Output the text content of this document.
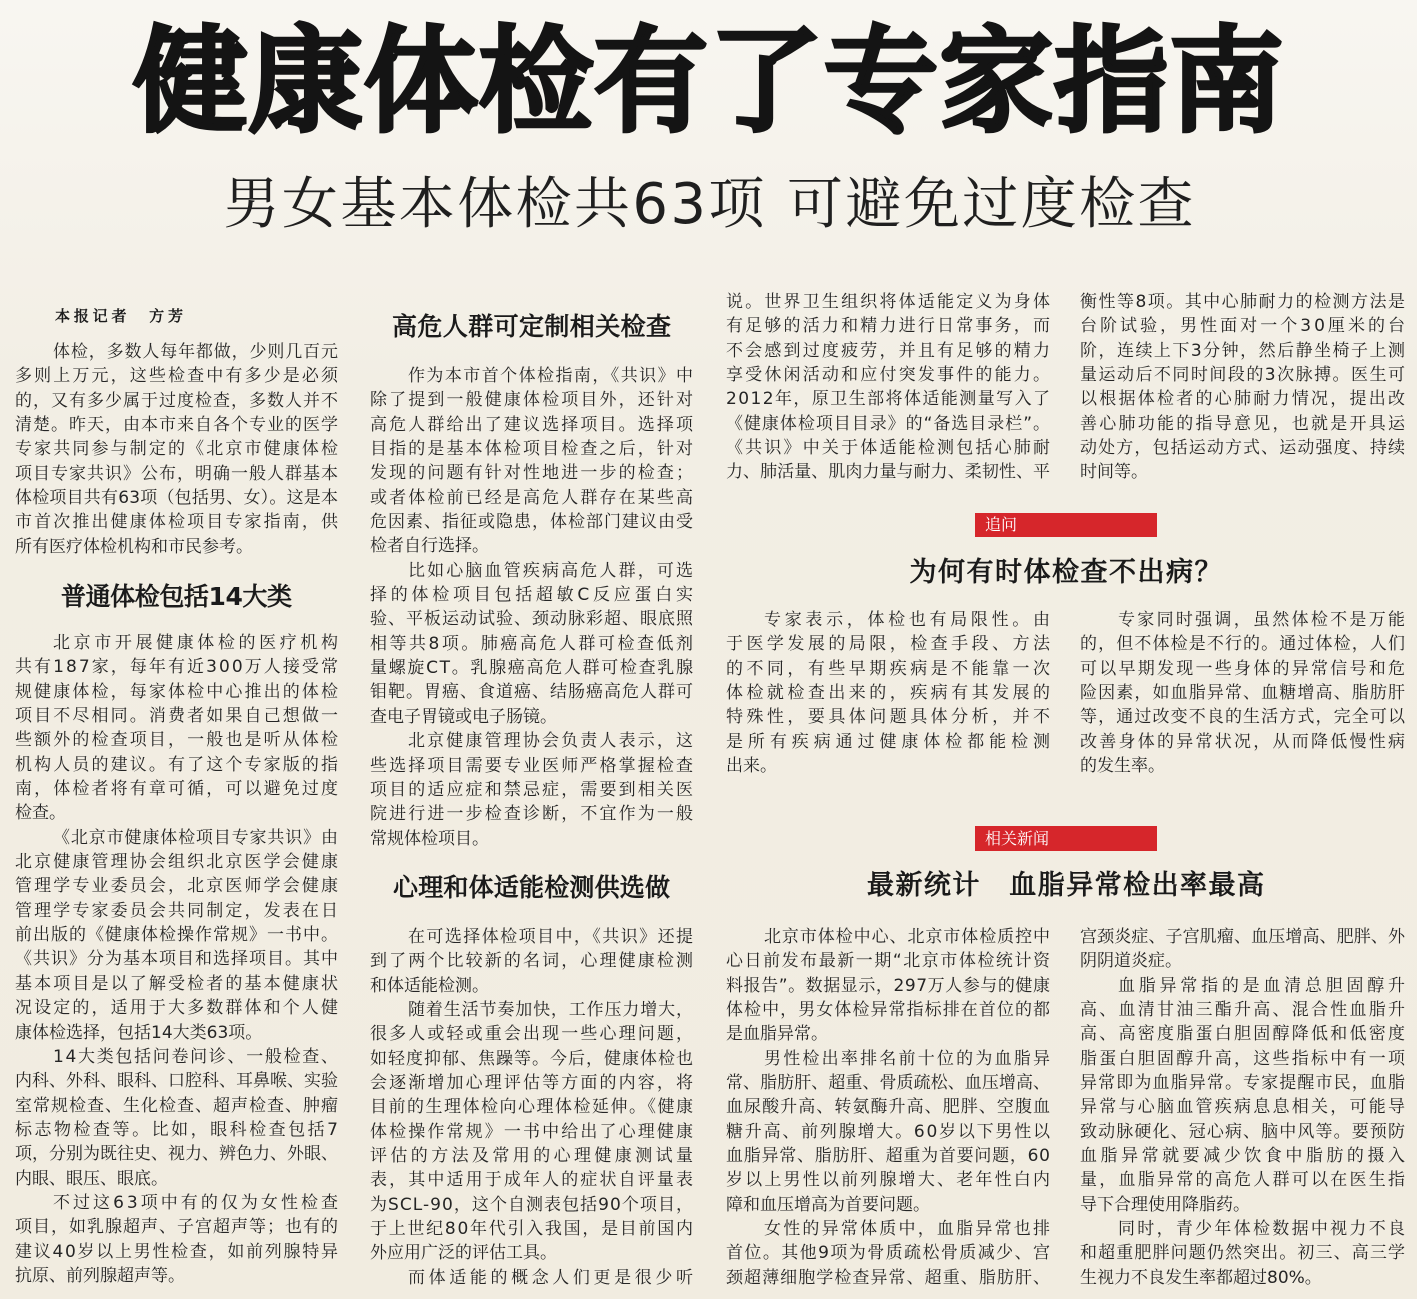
健康体检有了专家指南
男女基本体检共63项 可避免过度检查
本报记者　方芳
体检，多数人每年都做，少则几百元
多则上万元，这些检查中有多少是必须
的，又有多少属于过度检查，多数人并不
清楚。昨天，由本市来自各个专业的医学
专家共同参与制定的《北京市健康体检
项目专家共识》公布，明确一般人群基本
体检项目共有63项（包括男、女）。这是本
市首次推出健康体检项目专家指南，供
所有医疗体检机构和市民参考。
普通体检包括14大类
北京市开展健康体检的医疗机构
共有187家，每年有近300万人接受常
规健康体检，每家体检中心推出的体检
项目不尽相同。消费者如果自己想做一
些额外的检查项目，一般也是听从体检
机构人员的建议。有了这个专家版的指
南，体检者将有章可循，可以避免过度
检查。
《北京市健康体检项目专家共识》由
北京健康管理协会组织北京医学会健康
管理学专业委员会，北京医师学会健康
管理学专家委员会共同制定，发表在日
前出版的《健康体检操作常规》一书中。
《共识》分为基本项目和选择项目。其中
基本项目是以了解受检者的基本健康状
况设定的，适用于大多数群体和个人健
康体检选择，包括14大类63项。
14大类包括问卷问诊、一般检查、
内科、外科、眼科、口腔科、耳鼻喉、实验
室常规检查、生化检查、超声检查、肿瘤
标志物检查等。比如，眼科检查包括7
项，分别为既往史、视力、辨色力、外眼、
内眼、眼压、眼底。
不过这63项中有的仅为女性检查
项目，如乳腺超声、子宫超声等；也有的
建议40岁以上男性检查，如前列腺特异
抗原、前列腺超声等。
高危人群可定制相关检查
作为本市首个体检指南，《共识》中
除了提到一般健康体检项目外，还针对
高危人群给出了建议选择项目。选择项
目指的是基本体检项目检查之后，针对
发现的问题有针对性地进一步的检查；
或者体检前已经是高危人群存在某些高
危因素、指征或隐患，体检部门建议由受
检者自行选择。
比如心脑血管疾病高危人群，可选
择的体检项目包括超敏C反应蛋白实
验、平板运动试验、颈动脉彩超、眼底照
相等共8项。肺癌高危人群可检查低剂
量螺旋CT。乳腺癌高危人群可检查乳腺
钼靶。胃癌、食道癌、结肠癌高危人群可
查电子胃镜或电子肠镜。
北京健康管理协会负责人表示，这
些选择项目需要专业医师严格掌握检查
项目的适应症和禁忌症，需要到相关医
院进行进一步检查诊断，不宜作为一般
常规体检项目。
心理和体适能检测供选做
在可选择体检项目中，《共识》还提
到了两个比较新的名词，心理健康检测
和体适能检测。
随着生活节奏加快，工作压力增大，
很多人或轻或重会出现一些心理问题，
如轻度抑郁、焦躁等。今后，健康体检也
会逐渐增加心理评估等方面的内容，将
目前的生理体检向心理体检延伸。《健康
体检操作常规》一书中给出了心理健康
评估的方法及常用的心理健康测试量
表，其中适用于成年人的症状自评量表
为SCL-90，这个自测表包括90个项目，
于上世纪80年代引入我国，是目前国内
外应用广泛的评估工具。
而体适能的概念人们更是很少听
说。世界卫生组织将体适能定义为身体
有足够的活力和精力进行日常事务，而
不会感到过度疲劳，并且有足够的精力
享受休闲活动和应付突发事件的能力。
2012年，原卫生部将体适能测量写入了
《健康体检项目目录》的“备选目录栏”。
《共识》中关于体适能检测包括心肺耐
力、肺活量、肌肉力量与耐力、柔韧性、平
衡性等8项。其中心肺耐力的检测方法是
台阶试验，男性面对一个30厘米的台
阶，连续上下3分钟，然后静坐椅子上测
量运动后不同时间段的3次脉搏。医生可
以根据体检者的心肺耐力情况，提出改
善心肺功能的指导意见，也就是开具运
动处方，包括运动方式、运动强度、持续
时间等。
追问
为何有时体检查不出病？
专家表示，体检也有局限性。由
于医学发展的局限，检查手段、方法
的不同，有些早期疾病是不能靠一次
体检就检查出来的，疾病有其发展的
特殊性，要具体问题具体分析，并不
是所有疾病通过健康体检都能检测
出来。
专家同时强调，虽然体检不是万能
的，但不体检是不行的。通过体检，人们
可以早期发现一些身体的异常信号和危
险因素，如血脂异常、血糖增高、脂肪肝
等，通过改变不良的生活方式，完全可以
改善身体的异常状况，从而降低慢性病
的发生率。
相关新闻
最新统计　血脂异常检出率最高
北京市体检中心、北京市体检质控中
心日前发布最新一期“北京市体检统计资
料报告”。数据显示，297万人参与的健康
体检中，男女体检异常指标排在首位的都
是血脂异常。
男性检出率排名前十位的为血脂异
常、脂肪肝、超重、骨质疏松、血压增高、
血尿酸升高、转氨酶升高、肥胖、空腹血
糖升高、前列腺增大。60岁以下男性以
血脂异常、脂肪肝、超重为首要问题，60
岁以上男性以前列腺增大、老年性白内
障和血压增高为首要问题。
女性的异常体质中，血脂异常也排
首位。其他9项为骨质疏松骨质减少、宫
颈超薄细胞学检查异常、超重、脂肪肝、
宫颈炎症、子宫肌瘤、血压增高、肥胖、外
阴阴道炎症。
血脂异常指的是血清总胆固醇升
高、血清甘油三酯升高、混合性血脂升
高、高密度脂蛋白胆固醇降低和低密度
脂蛋白胆固醇升高，这些指标中有一项
异常即为血脂异常。专家提醒市民，血脂
异常与心脑血管疾病息息相关，可能导
致动脉硬化、冠心病、脑中风等。要预防
血脂异常就要减少饮食中脂肪的摄入
量，血脂异常的高危人群可以在医生指
导下合理使用降脂药。
同时，青少年体检数据中视力不良
和超重肥胖问题仍然突出。初三、高三学
生视力不良发生率都超过80%。
